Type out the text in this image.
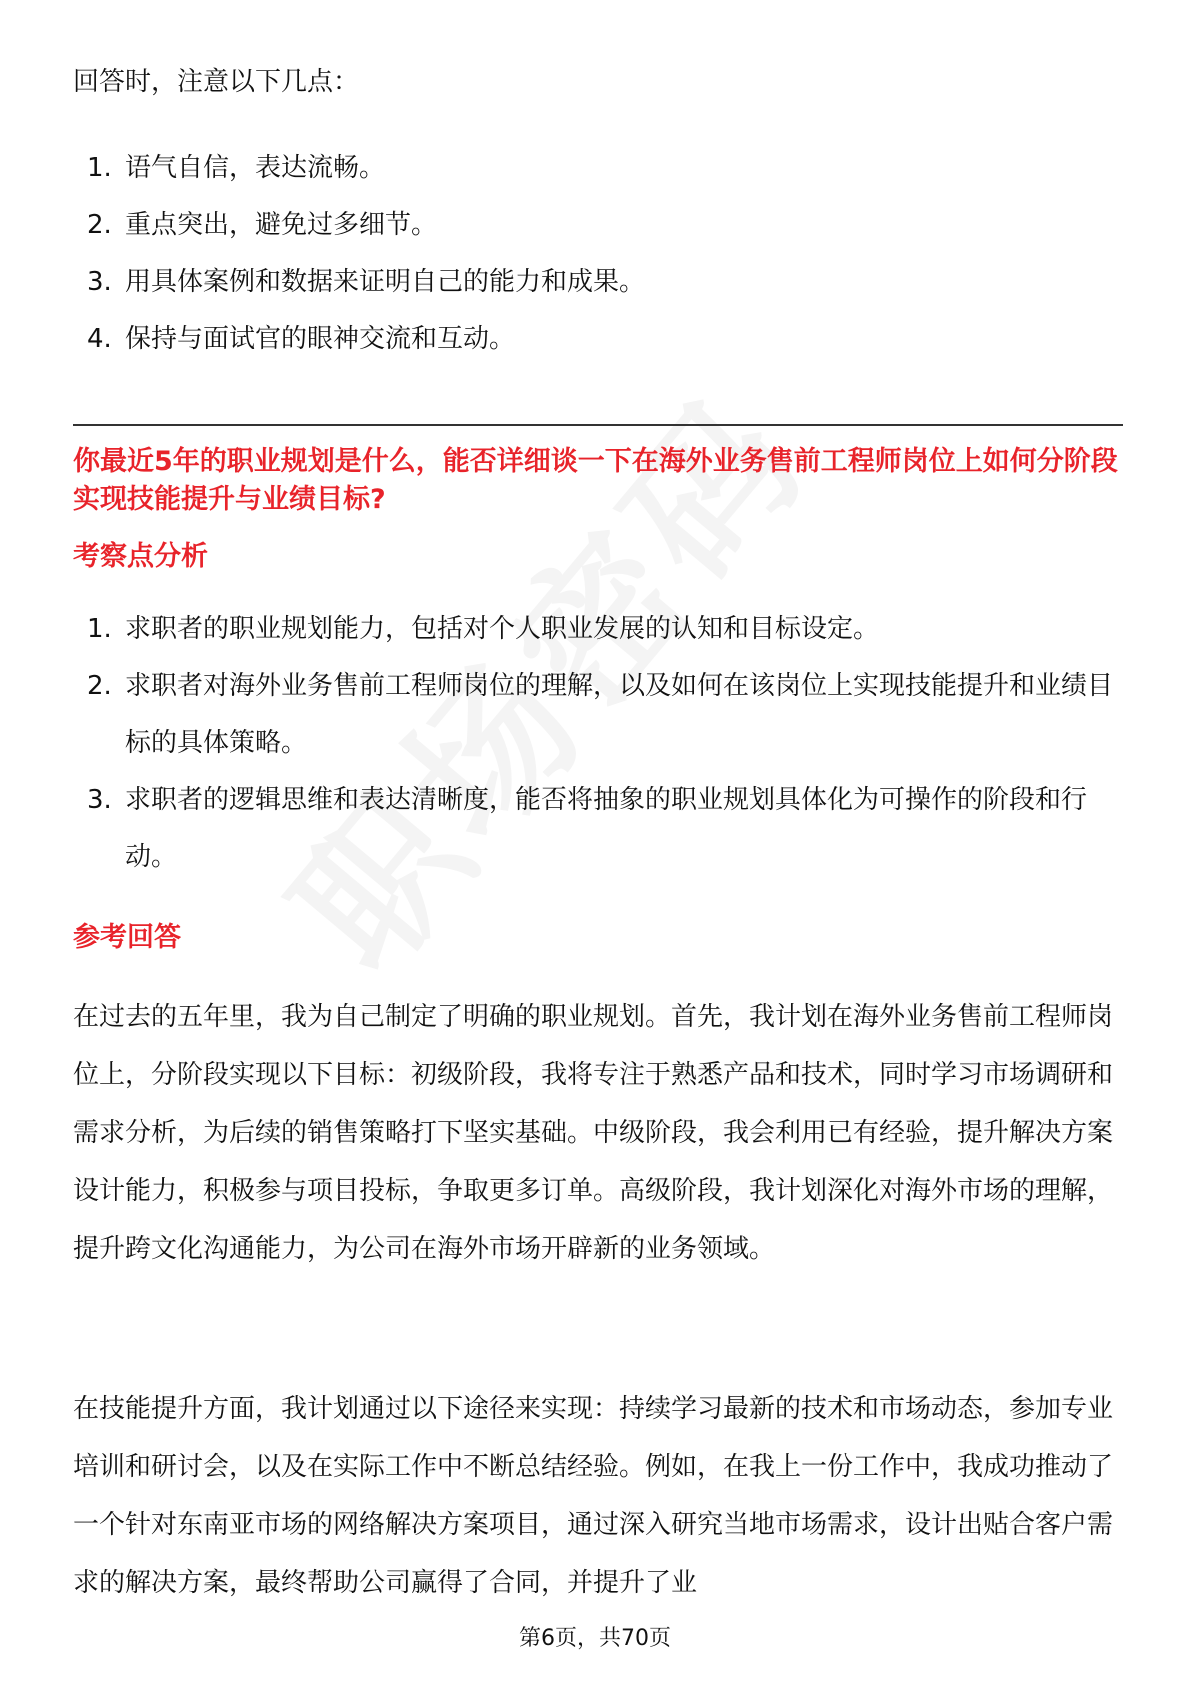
回答时，注意以下几点：
1. 语气自信，表达流畅。
2. 重点突出，避免过多细节。
3. 用具体案例和数据来证明自己的能力和成果。
4. 保持与面试官的眼神交流和互动。
你最近5年的职业规划是什么，能否详细谈一下在海外业务售前工程师岗位上如何分阶段实现技能提升与业绩目标?
考察点分析
1. 求职者的职业规划能力，包括对个人职业发展的认知和目标设定。
2. 求职者对海外业务售前工程师岗位的理解，以及如何在该岗位上实现技能提升和业绩目标的具体策略。
3. 求职者的逻辑思维和表达清晰度，能否将抽象的职业规划具体化为可操作的阶段和行动。
参考回答
在过去的五年里，我为自己制定了明确的职业规划。首先，我计划在海外业务售前工程师岗位上，分阶段实现以下目标：初级阶段，我将专注于熟悉产品和技术，同时学习市场调研和需求分析，为后续的销售策略打下坚实基础。中级阶段，我会利用已有经验，提升解决方案设计能力，积极参与项目投标，争取更多订单。高级阶段，我计划深化对海外市场的理解，提升跨文化沟通能力，为公司在海外市场开辟新的业务领域。
在技能提升方面，我计划通过以下途径来实现：持续学习最新的技术和市场动态，参加专业培训和研讨会，以及在实际工作中不断总结经验。例如，在我上一份工作中，我成功推动了一个针对东南亚市场的网络解决方案项目，通过深入研究当地市场需求，设计出贴合客户需求的解决方案，最终帮助公司赢得了合同，并提升了业
第6页，共70页
